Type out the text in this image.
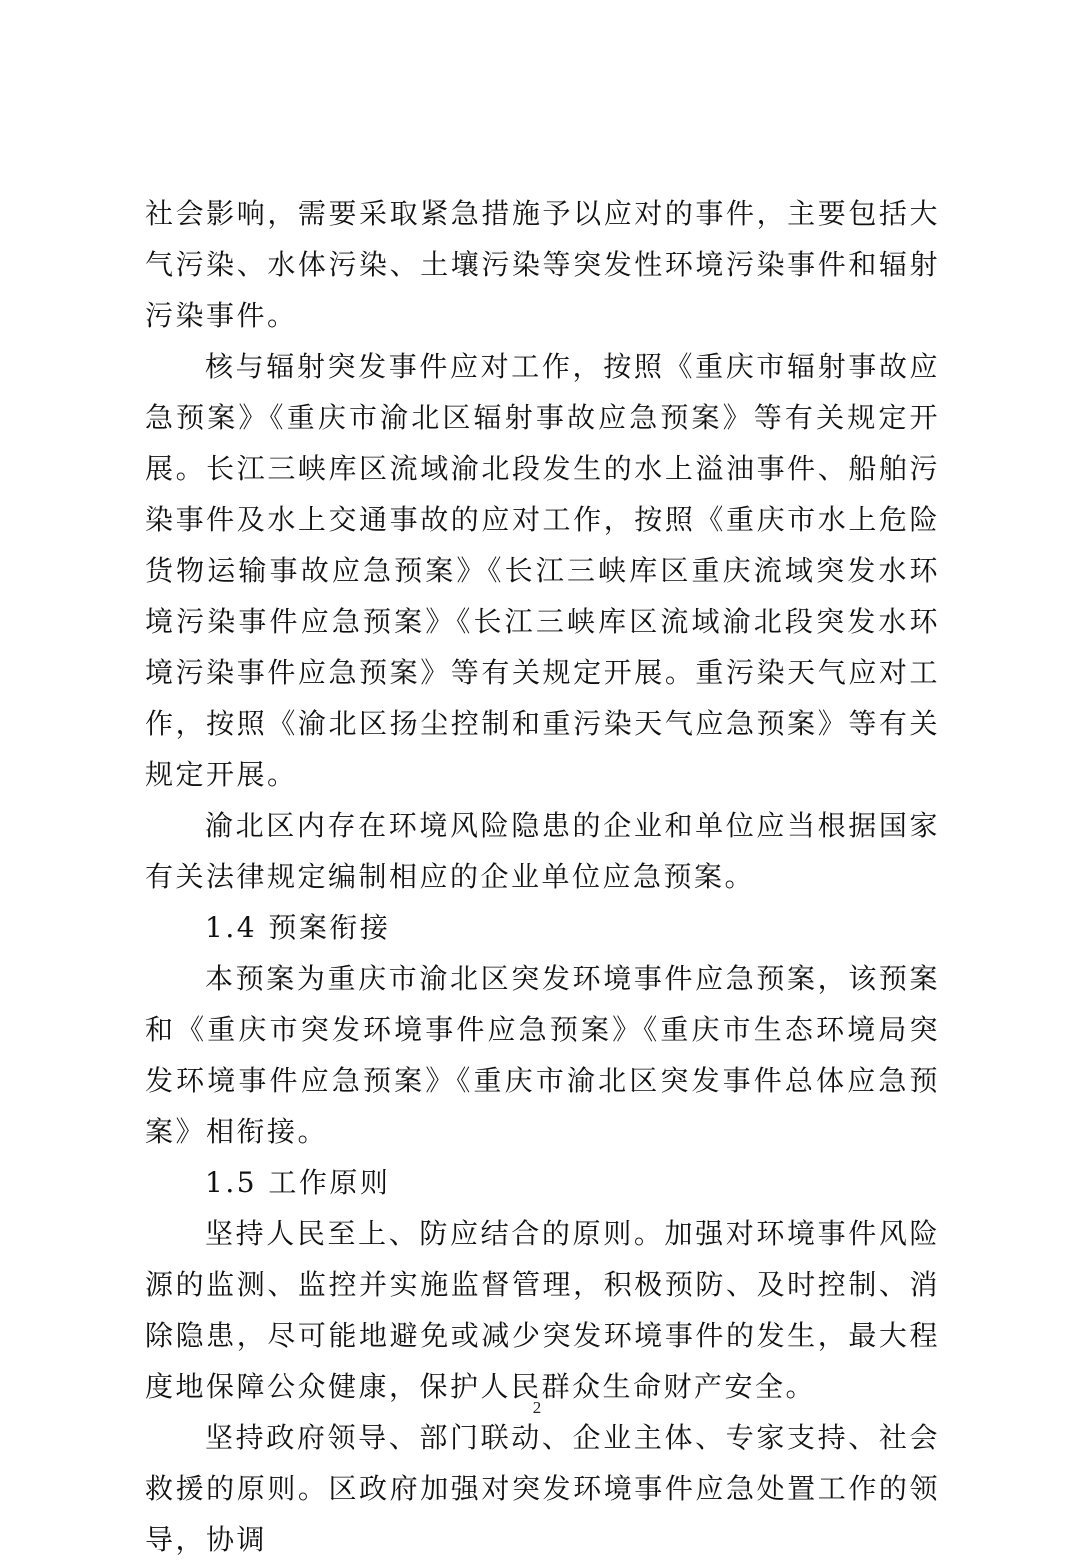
社会影响，需要采取紧急措施予以应对的事件，主要包括大气污染、水体污染、土壤污染等突发性环境污染事件和辐射污染事件。

核与辐射突发事件应对工作，按照《重庆市辐射事故应急预案》《重庆市渝北区辐射事故应急预案》等有关规定开展。长江三峡库区流域渝北段发生的水上溢油事件、船舶污染事件及水上交通事故的应对工作，按照《重庆市水上危险货物运输事故应急预案》《长江三峡库区重庆流域突发水环境污染事件应急预案》《长江三峡库区流域渝北段突发水环境污染事件应急预案》等有关规定开展。重污染天气应对工作，按照《渝北区扬尘控制和重污染天气应急预案》等有关规定开展。

渝北区内存在环境风险隐患的企业和单位应当根据国家有关法律规定编制相应的企业单位应急预案。

1.4 预案衔接

本预案为重庆市渝北区突发环境事件应急预案，该预案和《重庆市突发环境事件应急预案》《重庆市生态环境局突发环境事件应急预案》《重庆市渝北区突发事件总体应急预案》相衔接。

1.5 工作原则

坚持人民至上、防应结合的原则。加强对环境事件风险源的监测、监控并实施监督管理，积极预防、及时控制、消除隐患，尽可能地避免或减少突发环境事件的发生，最大程度地保障公众健康，保护人民群众生命财产安全。

坚持政府领导、部门联动、企业主体、专家支持、社会救援的原则。区政府加强对突发环境事件应急处置工作的领导，协调

2
